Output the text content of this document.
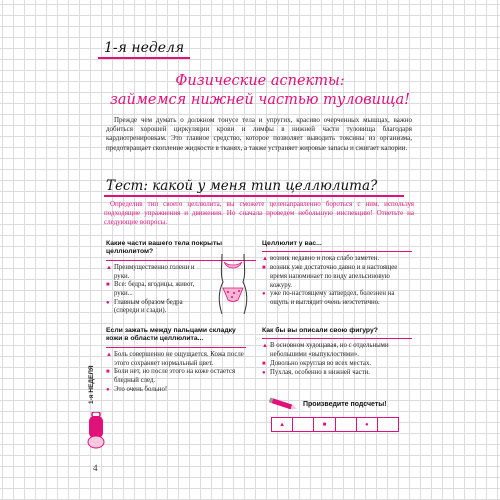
1-я неделя
Физические аспекты:
займемся нижней частью туловища!
Прежде чем думать о должном тонусе тела и упругих, красиво очерченных мышцах, важно добиться хорошей циркуляции крови и лимфы в нижней части туловища благодаря кардиотренировкам. Это главное средство, которое позволяет выводить токсины из организма, предотвращает скопление жидкости в тканях, а также устраняет жировые запасы и сжигает калории.
Тест: какой у меня тип целлюлита?
Определив тип своего целлюлита, вы сможете целенаправленно бороться с ним, используя подходящие упражнения и движения. Но сначала проведем небольшую инспекцию! Ответьте на следующие вопросы.
Какие части вашего тела покрыты целлюлитом?
▲ Преимущественно голени и руки.
■ Все: бедра, ягодицы, живот, руки...
● Главным образом бедра (спереди и сзади).
Целлюлит у вас...
▲ возник недавно и пока слабо заметен.
■ возник уже достаточно давно и в настоящее время напоминает по виду апельсиновую кожуру.
● уже по-настоящему затвердел, болезнен на ощупь и выглядит очень неэстетично.
Если зажать между пальцами складку кожи в области целлюлита...
▲ Боль совершенно не ощущается. Кожа после этого сохраняет нормальный цвет.
■ Боли нет, но после этого на коже остается бледный след.
● Это очень больно!
Как бы вы описали свою фигуру?
▲ В основном худощавая, но с отдельными небольшими «выпуклостями».
■ Довольно округлая во всех местах.
● Пухлая, особенно в нижней части.
Произведите подсчеты!
▲	■	●
1-я НЕДЕЛЯ
4
